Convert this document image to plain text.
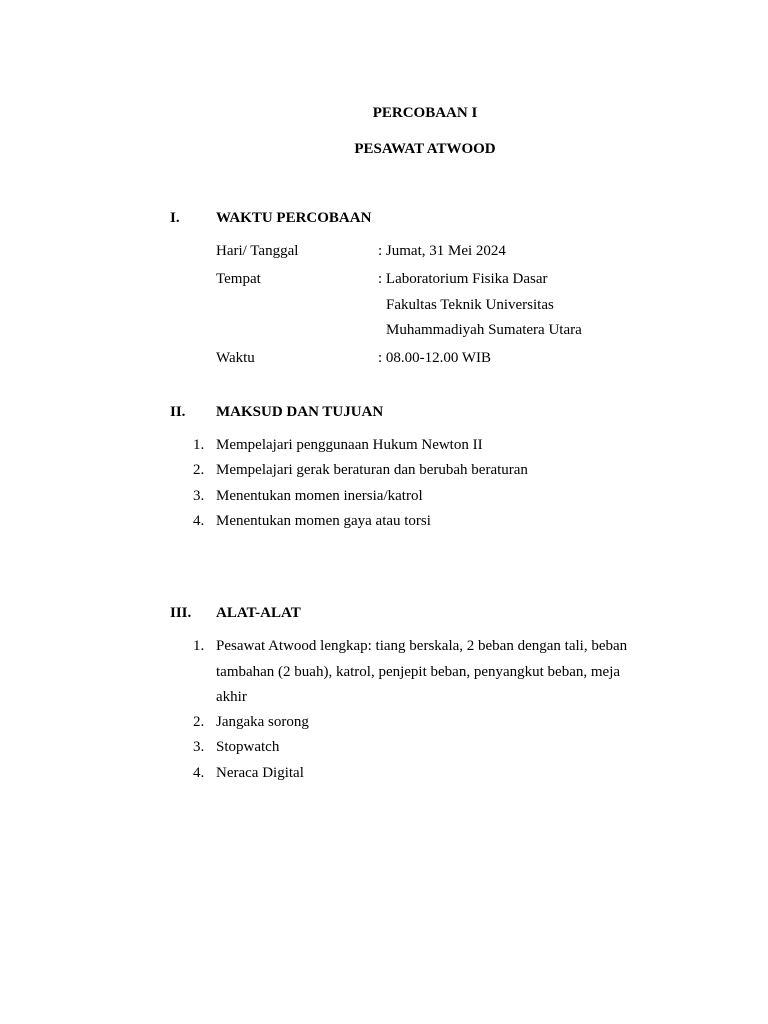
PERCOBAAN I
PESAWAT ATWOOD
I. WAKTU PERCOBAAN
Hari/ Tanggal	: Jumat, 31 Mei 2024
Tempat	: Laboratorium Fisika Dasar
Fakultas Teknik Universitas
Muhammadiyah Sumatera Utara
Waktu	: 08.00-12.00 WIB
II. MAKSUD DAN TUJUAN
1. Mempelajari penggunaan Hukum Newton II
2. Mempelajari gerak beraturan dan berubah beraturan
3. Menentukan momen inersia/katrol
4. Menentukan momen gaya atau torsi
III. ALAT-ALAT
1. Pesawat Atwood lengkap: tiang berskala, 2 beban dengan tali, beban
tambahan (2 buah), katrol, penjepit beban, penyangkut beban, meja
akhir
2. Jangaka sorong
3. Stopwatch
4. Neraca Digital
